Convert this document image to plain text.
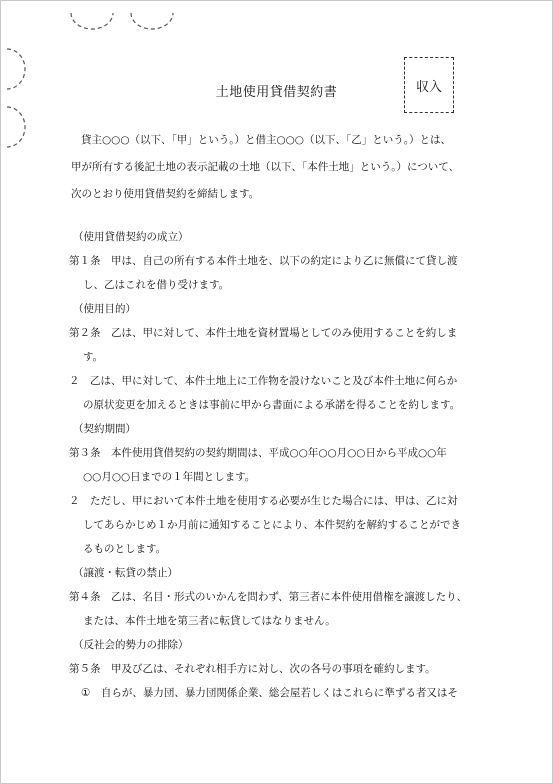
収入
土地使用貸借契約書

貸主○○○（以下、「甲」という。）と借主○○○（以下、「乙」という。）とは、

甲が所有する後記土地の表示記載の土地（以下、「本件土地」という。）について、

次のとおり使用貸借契約を締結します。

（使用貸借契約の成立）
第１条　甲は、自己の所有する本件土地を、以下の約定により乙に無償にて貸し渡
し、乙はこれを借り受けます。
（使用目的）
第２条　乙は、甲に対して、本件土地を資材置場としてのみ使用することを約しま
す。
２　乙は、甲に対して、本件土地上に工作物を設けないこと及び本件土地に何らか
の原状変更を加えるときは事前に甲から書面による承諾を得ることを約します。
（契約期間）
第３条　本件使用貸借契約の契約期間は、平成○○年○○月○○日から平成○○年
○○月○○日までの１年間とします。
２　ただし、甲において本件土地を使用する必要が生じた場合には、甲は、乙に対
してあらかじめ１か月前に通知することにより、本件契約を解約することができ
るものとします。
（譲渡・転貸の禁止）
第４条　乙は、名目・形式のいかんを問わず、第三者に本件使用借権を譲渡したり、
または、本件土地を第三者に転貸してはなりません。
（反社会的勢力の排除）
第５条　甲及び乙は、それぞれ相手方に対し、次の各号の事項を確約します。
①　自らが、暴力団、暴力団関係企業、総会屋若しくはこれらに準ずる者又はそ
